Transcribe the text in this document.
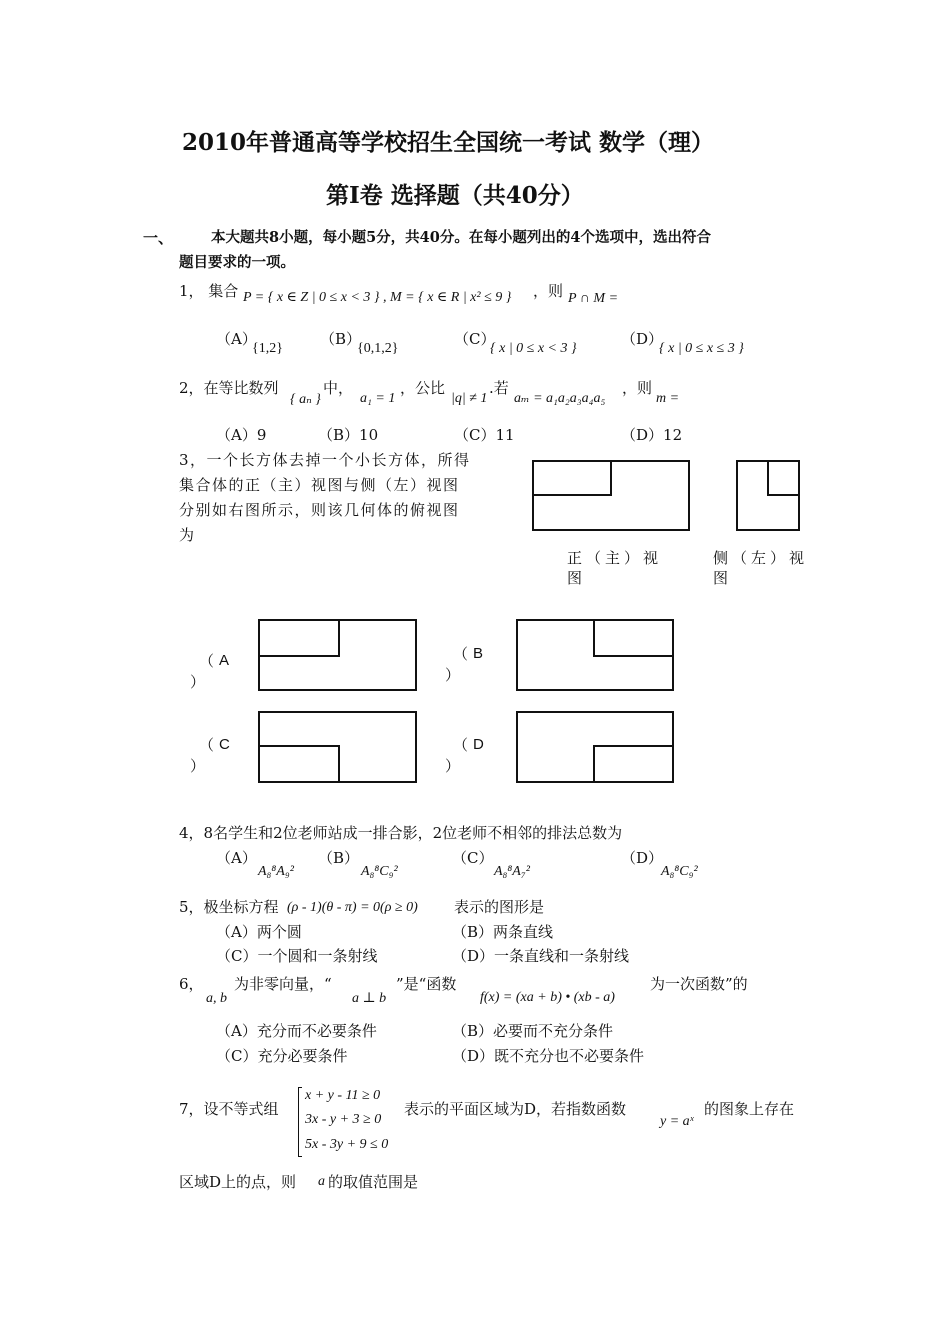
2010年普通高等学校招生全国统一考试 数学（理）
第I卷 选择题（共40分）
一、	本大题共8小题，每小题5分，共40分。在每小题列出的4个选项中，选出符合
题目要求的一项。
1， 集合 P = { x ∈ Z | 0 ≤ x < 3 } , M = { x ∈ R | x² ≤ 9 } ，则 P ∩ M =
（A）
{1,2}
（B）
{0,1,2}
（C）
{ x | 0 ≤ x < 3 }
（D）
{ x | 0 ≤ x ≤ 3 }
2，在等比数列
{ aₙ }
中，
a₁ = 1
，公比
|q| ≠ 1
.若
aₘ = a₁a₂a₃a₄a₅
，则
m =
（A）9	（B）10	（C）11	（D）12
3，一个长方体去掉一个小长方体，所得
集合体的正（主）视图与侧（左）视图
分别如右图所示，则该几何体的俯视图
为
正（主）视
图
侧（左）视
图
（ A
）
（ B
）
（ C
）
（ D
）
4，8名学生和2位老师站成一排合影，2位老师不相邻的排法总数为
（A）
A₈⁸A₉²
（B）
A₈⁸C₉²
（C）
A₈⁸A₇²
（D）
A₈⁸C₉²
5，极坐标方程 (ρ - 1)(θ - π) = 0(ρ ≥ 0) 表示的图形是
（A）两个圆	（B）两条直线
（C）一个圆和一条射线	（D）一条直线和一条射线
6，
a, b
为非零向量，“
a ⊥ b
”是“函数
f(x) = (xa + b) • (xb - a)
为一次函数”的
（A）充分而不必要条件	（B）必要而不充分条件
（C）充分必要条件	（D）既不充分也不必要条件
7，设不等式组
x + y - 11 ≥ 0
3x - y + 3 ≥ 0
5x - 3y + 9 ≤ 0
表示的平面区域为D，若指数函数
y = aˣ
的图象上存在
区域D上的点，则 a 的取值范围是
